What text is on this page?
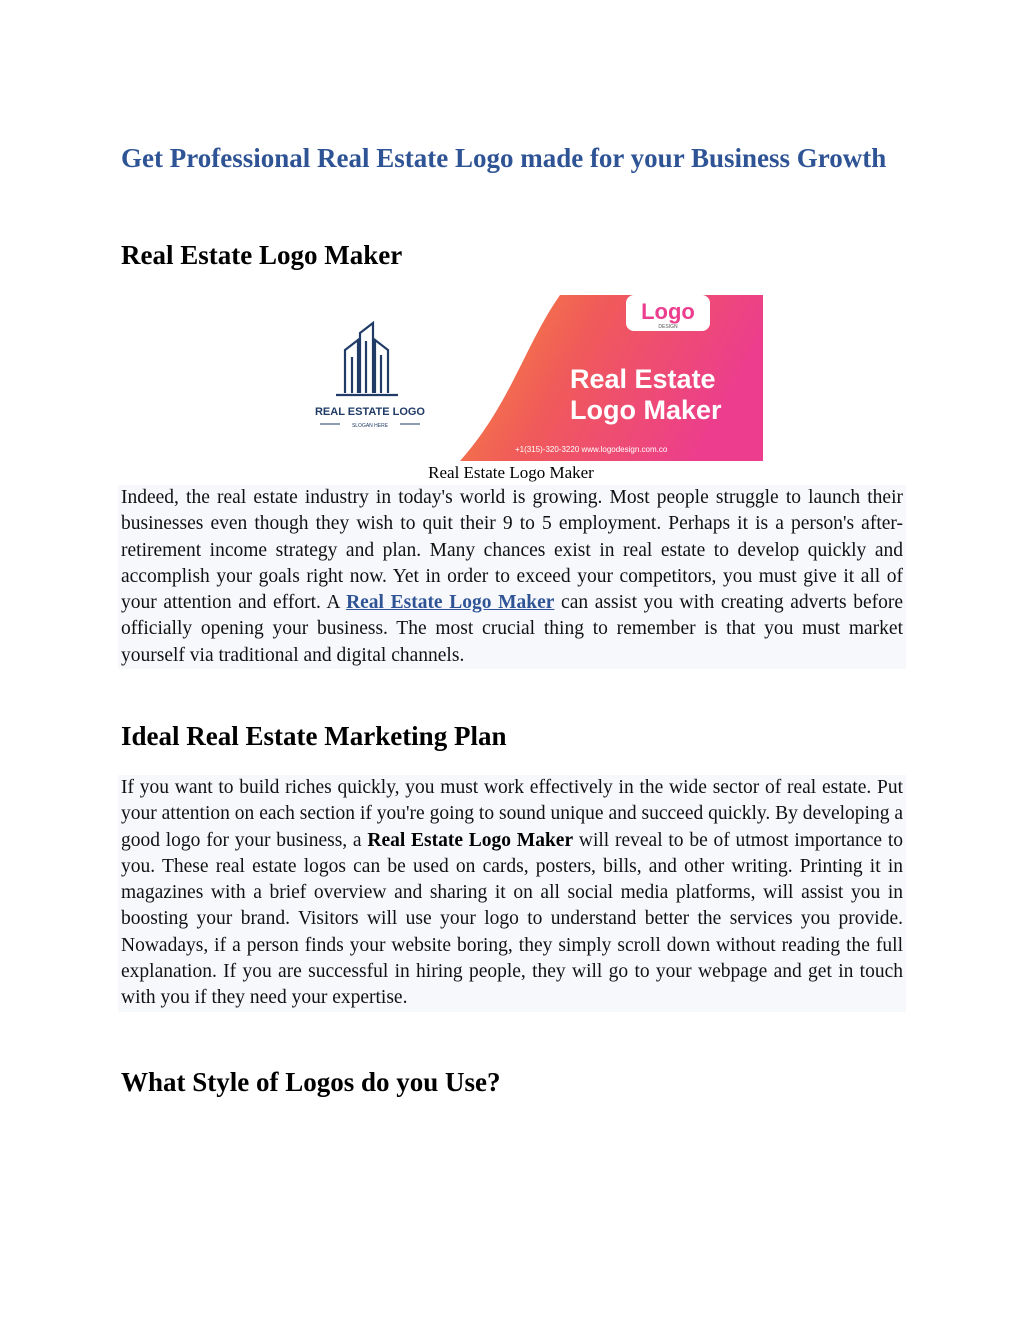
Get Professional Real Estate Logo made for your Business Growth
Real Estate Logo Maker
REAL ESTATE LOGO
SLOGAN HERE
Logo
DESIGN
Real Estate
Logo Maker
+1(315)-320-3220 www.logodesign.com.co

Real Estate Logo Maker

Indeed, the real estate industry in today's world is growing. Most people struggle to launch their businesses even though they wish to quit their 9 to 5 employment. Perhaps it is a person's after-retirement income strategy and plan. Many chances exist in real estate to develop quickly and accomplish your goals right now. Yet in order to exceed your competitors, you must give it all of your attention and effort. A Real Estate Logo Maker can assist you with creating adverts before officially opening your business. The most crucial thing to remember is that you must market yourself via traditional and digital channels.

Ideal Real Estate Marketing Plan

If you want to build riches quickly, you must work effectively in the wide sector of real estate. Put your attention on each section if you're going to sound unique and succeed quickly. By developing a good logo for your business, a Real Estate Logo Maker will reveal to be of utmost importance to you. These real estate logos can be used on cards, posters, bills, and other writing. Printing it in magazines with a brief overview and sharing it on all social media platforms, will assist you in boosting your brand. Visitors will use your logo to understand better the services you provide. Nowadays, if a person finds your website boring, they simply scroll down without reading the full explanation. If you are successful in hiring people, they will go to your webpage and get in touch with you if they need your expertise.

What Style of Logos do you Use?
